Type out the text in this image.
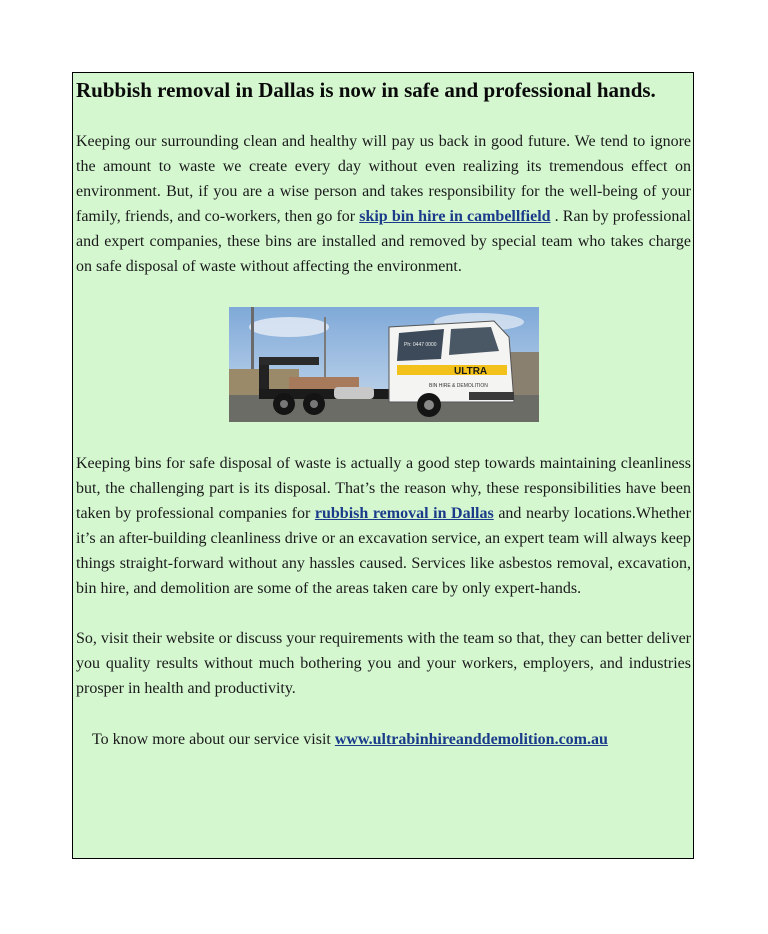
Rubbish removal in Dallas is now in safe and professional hands.

Keeping our surrounding clean and healthy will pay us back in good future. We tend to ignore the amount to waste we create every day without even realizing its tremendous effect on environment. But, if you are a wise person and takes responsibility for the well-being of your family, friends, and co-workers, then go for skip bin hire in cambellfield . Ran by professional and expert companies, these bins are installed and removed by special team who takes charge on safe disposal of waste without affecting the environment.

ULTRA
BIN HIRE & DEMOLITION
Ph: 0447 0000

Keeping bins for safe disposal of waste is actually a good step towards maintaining cleanliness but, the challenging part is its disposal. That’s the reason why, these responsibilities have been taken by professional companies for rubbish removal in Dallas and nearby locations.Whether it’s an after-building cleanliness drive or an excavation service, an expert team will always keep things straight-forward without any hassles caused. Services like asbestos removal, excavation, bin hire, and demolition are some of the areas taken care by only expert-hands.

So, visit their website or discuss your requirements with the team so that, they can better deliver you quality results without much bothering you and your workers, employers, and industries prosper in health and productivity.

To know more about our service visit www.ultrabinhireanddemolition.com.au
